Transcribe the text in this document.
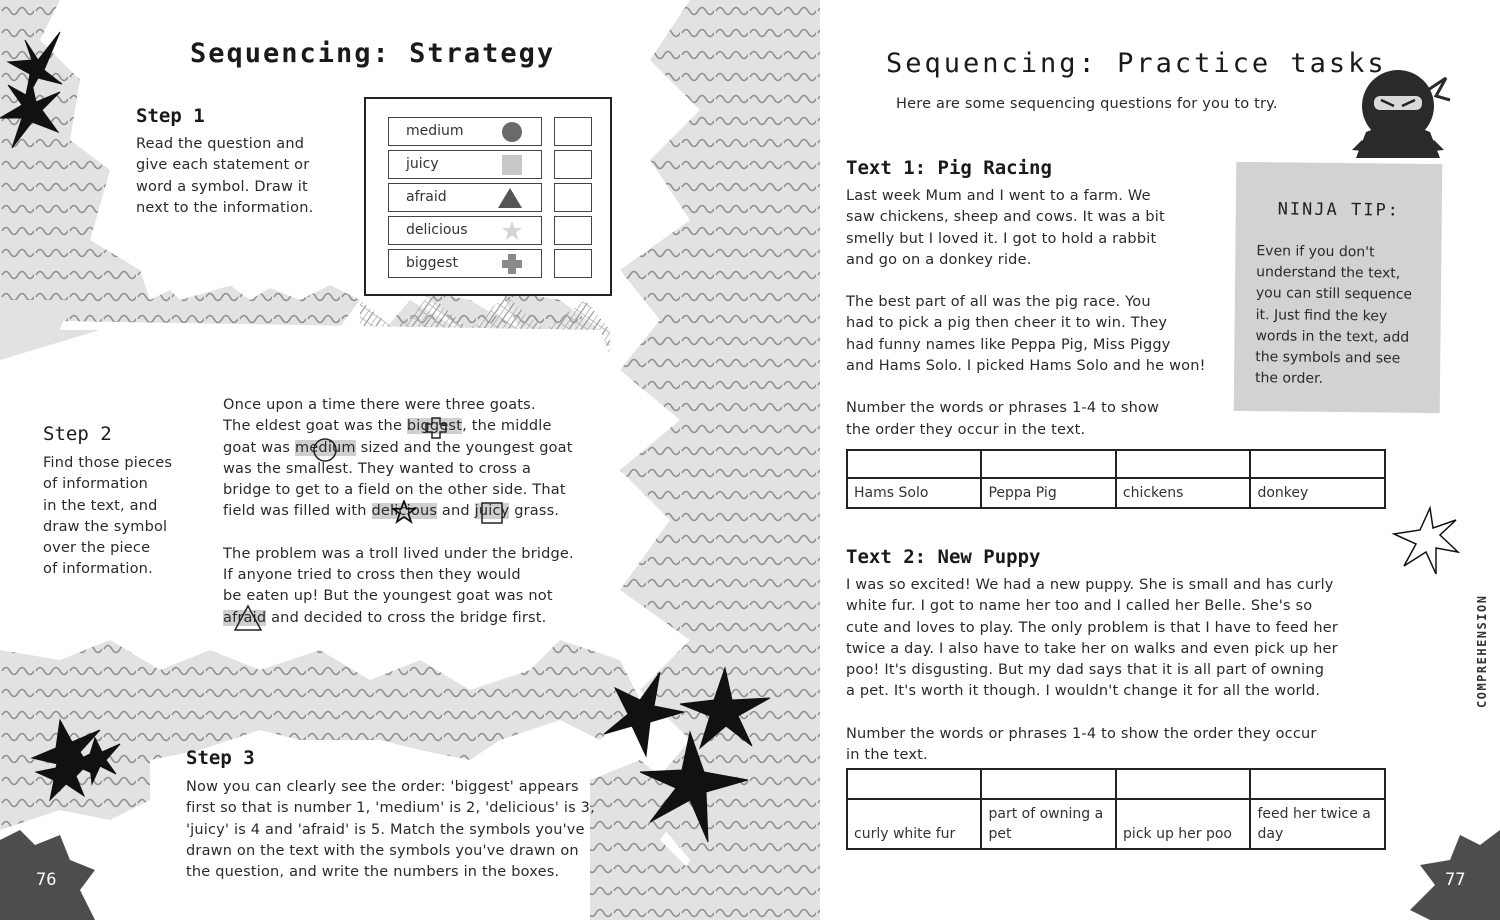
Sequencing: Strategy
Step 1
Read the question and
give each statement or
word a symbol. Draw it
next to the information.
medium
juicy
afraid
delicious
biggest
Step 2
Find those pieces
of information
in the text, and
draw the symbol
over the piece
of information.
Once upon a time there were three goats.
The eldest goat was the biggest
, the middle
goat was medium
sized and the youngest goat
was the smallest. They wanted to cross a
bridge to get to a field on the other side. That
field was filled with delicious
and juicy
grass.
The problem was a troll lived under the bridge.
If anyone tried to cross then they would
be eaten up! But the youngest goat was not
afraid
and decided to cross the bridge first.
Step 3
Now you can clearly see the order: 'biggest' appears
first so that is number 1, 'medium' is 2, 'delicious' is 3,
'juicy' is 4 and 'afraid' is 5. Match the symbols you've
drawn on the text with the symbols you've drawn on
the question, and write the numbers in the boxes.
76
Sequencing: Practice tasks
Here are some sequencing questions for you to try.
Text 1: Pig Racing
Last week Mum and I went to a farm. We
saw chickens, sheep and cows. It was a bit
smelly but I loved it. I got to hold a rabbit
and go on a donkey ride.
The best part of all was the pig race. You
had to pick a pig then cheer it to win. They
had funny names like Peppa Pig, Miss Piggy
and Hams Solo. I picked Hams Solo and he won!
Number the words or phrases 1-4 to show
the order they occur in the text.

Hams Solo	Peppa Pig	chickens	donkey
Text 2: New Puppy
I was so excited! We had a new puppy. She is small and has curly
white fur. I got to name her too and I called her Belle. She's so
cute and loves to play. The only problem is that I have to feed her
twice a day. I also have to take her on walks and even pick up her
poo! It's disgusting. But my dad says that it is all part of owning
a pet. It's worth it though. I wouldn't change it for all the world.
Number the words or phrases 1-4 to show the order they occur
in the text.

curly white fur	part of owning a pet	pick up her poo	feed her twice a day
NINJA TIP:
Even if you don't
understand the text,
you can still sequence
it. Just find the key
words in the text, add
the symbols and see
the order.
COMPREHENSION
77
